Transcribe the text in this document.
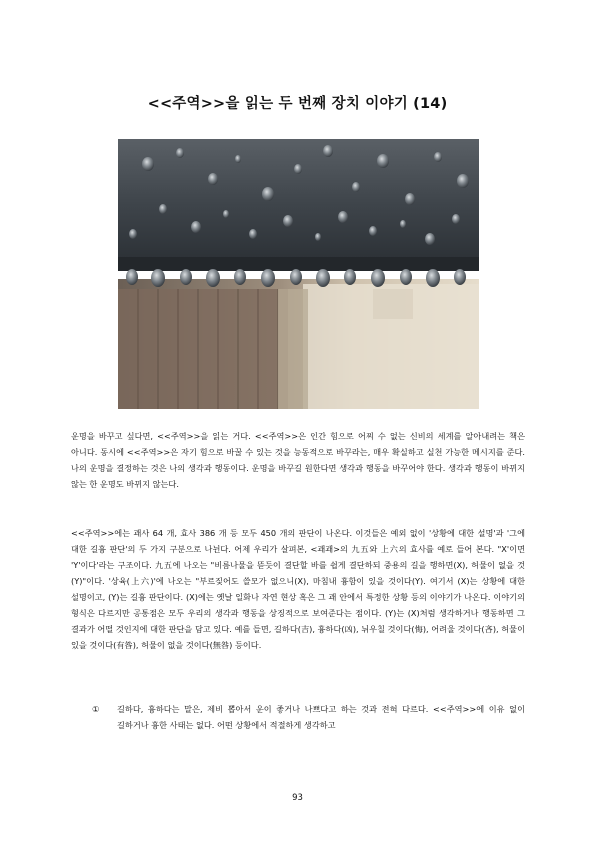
<<주역>>을 읽는 두 번째 장치 이야기 (14)
운명을 바꾸고 싶다면, <<주역>>을 읽는 거다. <<주역>>은 인간 힘으로 어찌 수 없는 신비의 세계를 알아내려는 책은 아니다. 동시에 <<주역>>은 자기 힘으로 바꿀 수 있는 것을 능동적으로 바꾸라는, 매우 확실하고 실천 가능한 메시지를 준다. 나의 운명을 결정하는 것은 나의 생각과 행동이다. 운명을 바꾸길 원한다면 생각과 행동을 바꾸어야 한다. 생각과 행동이 바뀌지 않는 한 운명도 바뀌지 않는다.
<<주역>>에는 괘사 64 개, 효사 386 개 등 모두 450 개의 판단이 나온다. 이것들은 예외 없이 '상황에 대한 설명'과 '그에 대한 길흉 판단'의 두 가지 구분으로 나뉜다. 어제 우리가 살펴본, <괘괘>의 九五와 上六의 효사를 예로 들어 본다. "X'이면 'Y'이다'라는 구조이다. 九五에 나오는 "비름나물을 뜯듯이 결단할 바를 쉽게 결단하되 중용의 길을 행하면(X), 허물이 없을 것(Y)"이다. '상육(上六)'에 나오는 "부르짖어도 쓸모가 없으니(X), 마침내 흉함이 있을 것이다(Y). 여기서 (X)는 상황에 대한 설명이고, (Y)는 길흉 판단이다. (X)에는 옛날 일화나 자연 현상 혹은 그 괘 안에서 특정한 상황 등의 이야기가 나온다. 이야기의 형식은 다르지만 공통점은 모두 우리의 생각과 행동을 상징적으로 보여준다는 점이다. (Y)는 (X)처럼 생각하거나 행동하면 그 결과가 어떨 것인지에 대한 판단을 담고 있다. 예를 들면, 길하다(吉), 흉하다(凶), 뉘우칠 것이다(悔), 어려울 것이다(吝), 허물이 있을 것이다(有咎), 허물이 없을 것이다(無咎) 등이다.
① 길하다, 흉하다는 말은, 제비 뽑아서 운이 좋거나 나쁘다고 하는 것과 전혀 다르다. <<주역>>에 이유 없이 길하거나 흉한 사태는 없다. 어떤 상황에서 적절하게 생각하고
93
